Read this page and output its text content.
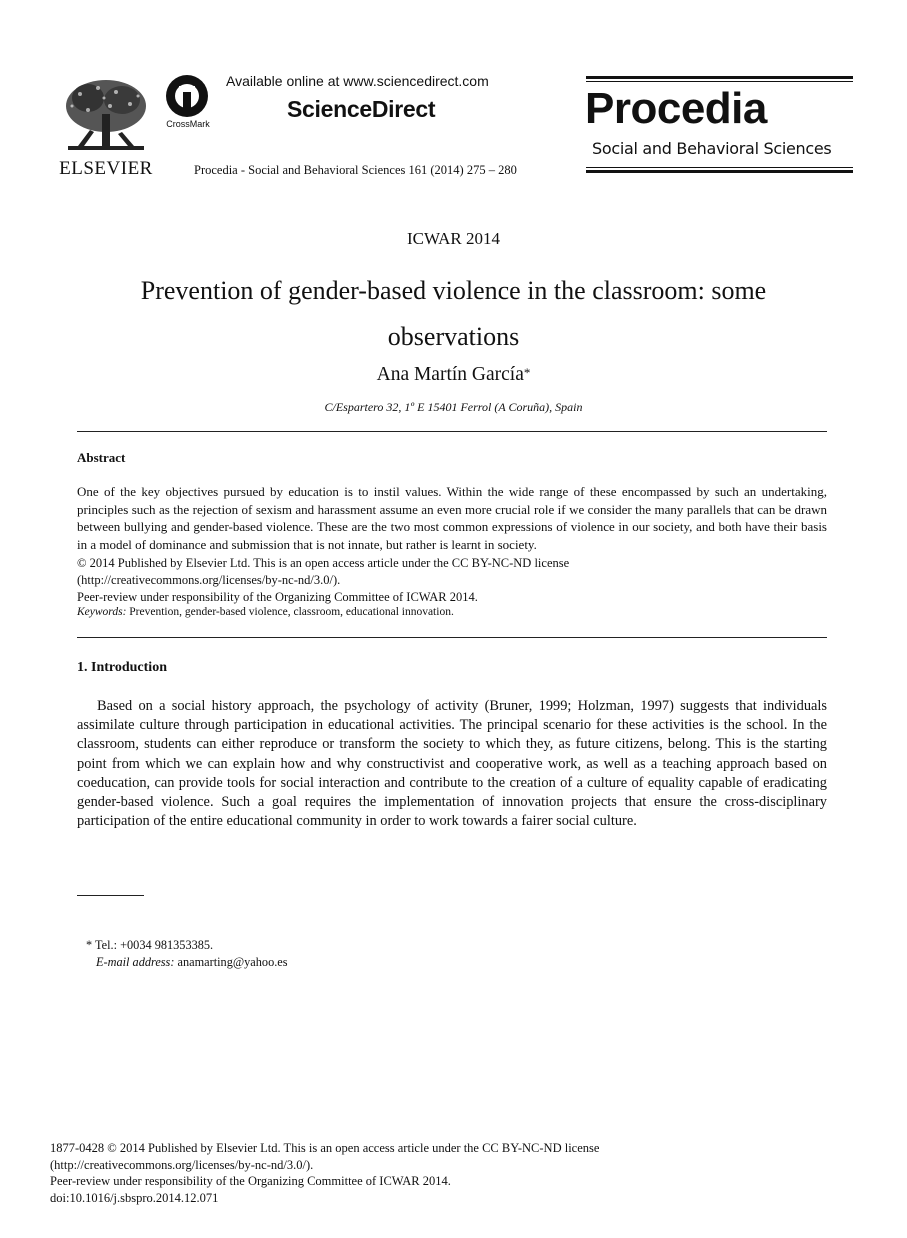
ELSEVIER
CrossMark
Available online at www.sciencedirect.com
ScienceDirect
Procedia - Social and Behavioral Sciences 161 (2014) 275 – 280
Procedia
Social and Behavioral Sciences
ICWAR 2014
Prevention of gender-based violence in the classroom: some
observations
Ana Martín García*
C/Espartero 32, 1º E 15401 Ferrol (A Coruña), Spain
Abstract
One of the key objectives pursued by education is to instil values. Within the wide range of these encompassed by such an undertaking, principles such as the rejection of sexism and harassment assume an even more crucial role if we consider the many parallels that can be drawn between bullying and gender-based violence. These are the two most common expressions of violence in our society, and both have their basis in a model of dominance and submission that is not innate, but rather is learnt in society.
© 2014 Published by Elsevier Ltd. This is an open access article under the CC BY-NC-ND license
(http://creativecommons.org/licenses/by-nc-nd/3.0/).
Peer-review under responsibility of the Organizing Committee of ICWAR 2014.
Keywords: Prevention, gender-based violence, classroom, educational innovation.
1. Introduction
Based on a social history approach, the psychology of activity (Bruner, 1999; Holzman, 1997) suggests that individuals assimilate culture through participation in educational activities. The principal scenario for these activities is the school. In the classroom, students can either reproduce or transform the society to which they, as future citizens, belong. This is the starting point from which we can explain how and why constructivist and cooperative work, as well as a teaching approach based on coeducation, can provide tools for social interaction and contribute to the creation of a culture of equality capable of eradicating gender-based violence. Such a goal requires the implementation of innovation projects that ensure the cross-disciplinary participation of the entire educational community in order to work towards a fairer social culture.
* Tel.: +0034 981353385.
E-mail address: anamarting@yahoo.es
1877-0428 © 2014 Published by Elsevier Ltd. This is an open access article under the CC BY-NC-ND license
(http://creativecommons.org/licenses/by-nc-nd/3.0/).
Peer-review under responsibility of the Organizing Committee of ICWAR 2014.
doi:10.1016/j.sbspro.2014.12.071
